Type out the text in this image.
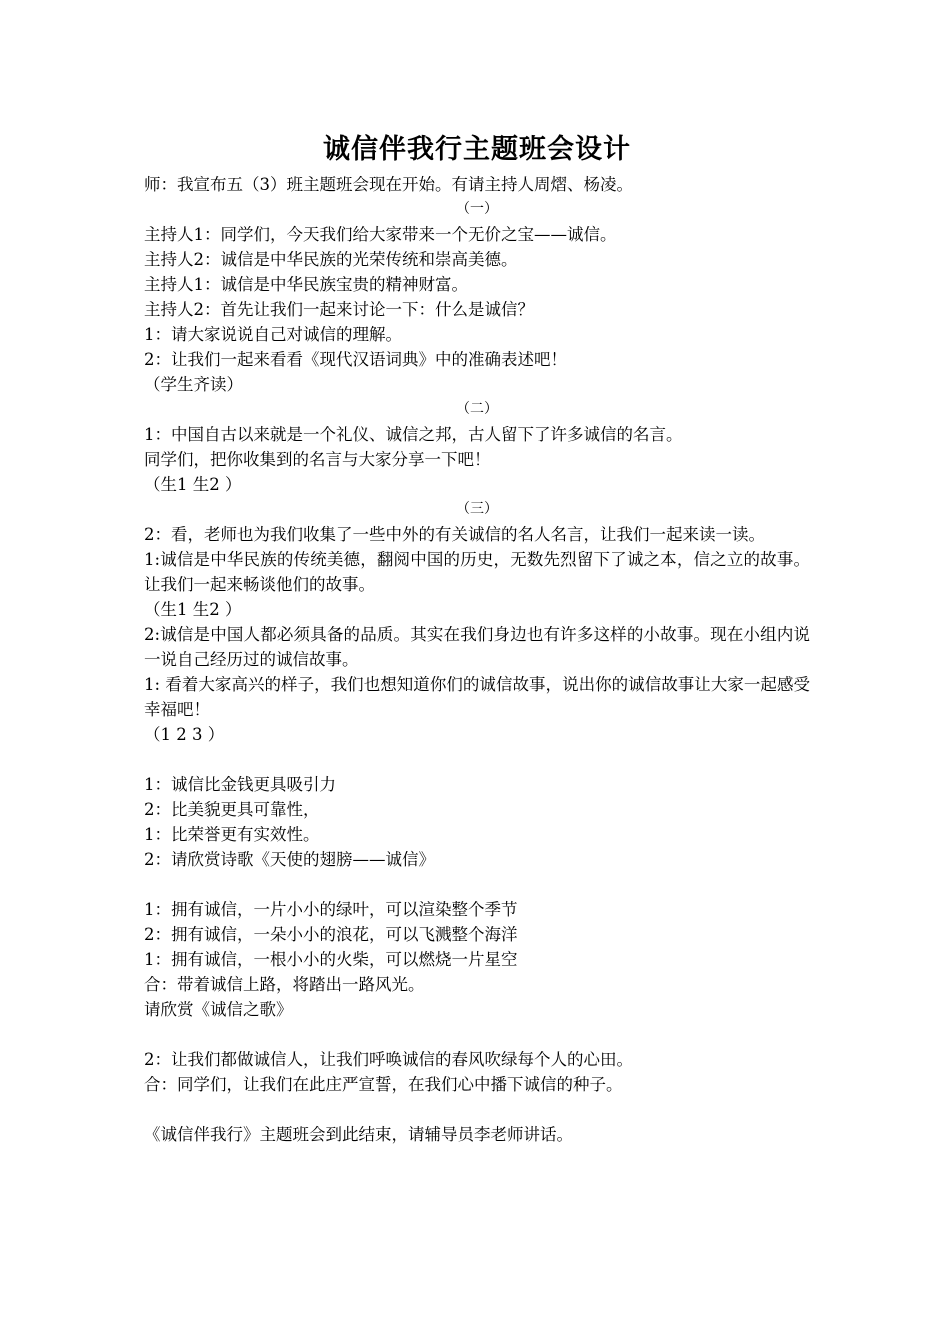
诚信伴我行主题班会设计

师：我宣布五（3）班主题班会现在开始。有请主持人周熠、杨凌。

（一）

主持人1：同学们，今天我们给大家带来一个无价之宝——诚信。

主持人2：诚信是中华民族的光荣传统和崇高美德。

主持人1：诚信是中华民族宝贵的精神财富。

主持人2：首先让我们一起来讨论一下：什么是诚信？

1：请大家说说自己对诚信的理解。

2：让我们一起来看看《现代汉语词典》中的准确表述吧！

（学生齐读）

（二）

1：中国自古以来就是一个礼仪、诚信之邦，古人留下了许多诚信的名言。

同学们，把你收集到的名言与大家分享一下吧！

（生1 生2 ）

（三）

2：看，老师也为我们收集了一些中外的有关诚信的名人名言，让我们一起来读一读。

1:诚信是中华民族的传统美德，翻阅中国的历史，无数先烈留下了诚之本，信之立的故事。让我们一起来畅谈他们的故事。

（生1 生2 ）

2:诚信是中国人都必须具备的品质。其实在我们身边也有许多这样的小故事。现在小组内说一说自己经历过的诚信故事。

1: 看着大家高兴的样子，我们也想知道你们的诚信故事，说出你的诚信故事让大家一起感受幸福吧！

（1 2 3 ）

1：诚信比金钱更具吸引力

2：比美貌更具可靠性，

1：比荣誉更有实效性。

2：请欣赏诗歌《天使的翅膀——诚信》

1：拥有诚信，一片小小的绿叶，可以渲染整个季节

2：拥有诚信，一朵小小的浪花，可以飞溅整个海洋

1：拥有诚信，一根小小的火柴，可以燃烧一片星空

合：带着诚信上路，将踏出一路风光。

请欣赏《诚信之歌》

2：让我们都做诚信人，让我们呼唤诚信的春风吹绿每个人的心田。

合：同学们，让我们在此庄严宣誓，在我们心中播下诚信的种子。

《诚信伴我行》主题班会到此结束，请辅导员李老师讲话。
